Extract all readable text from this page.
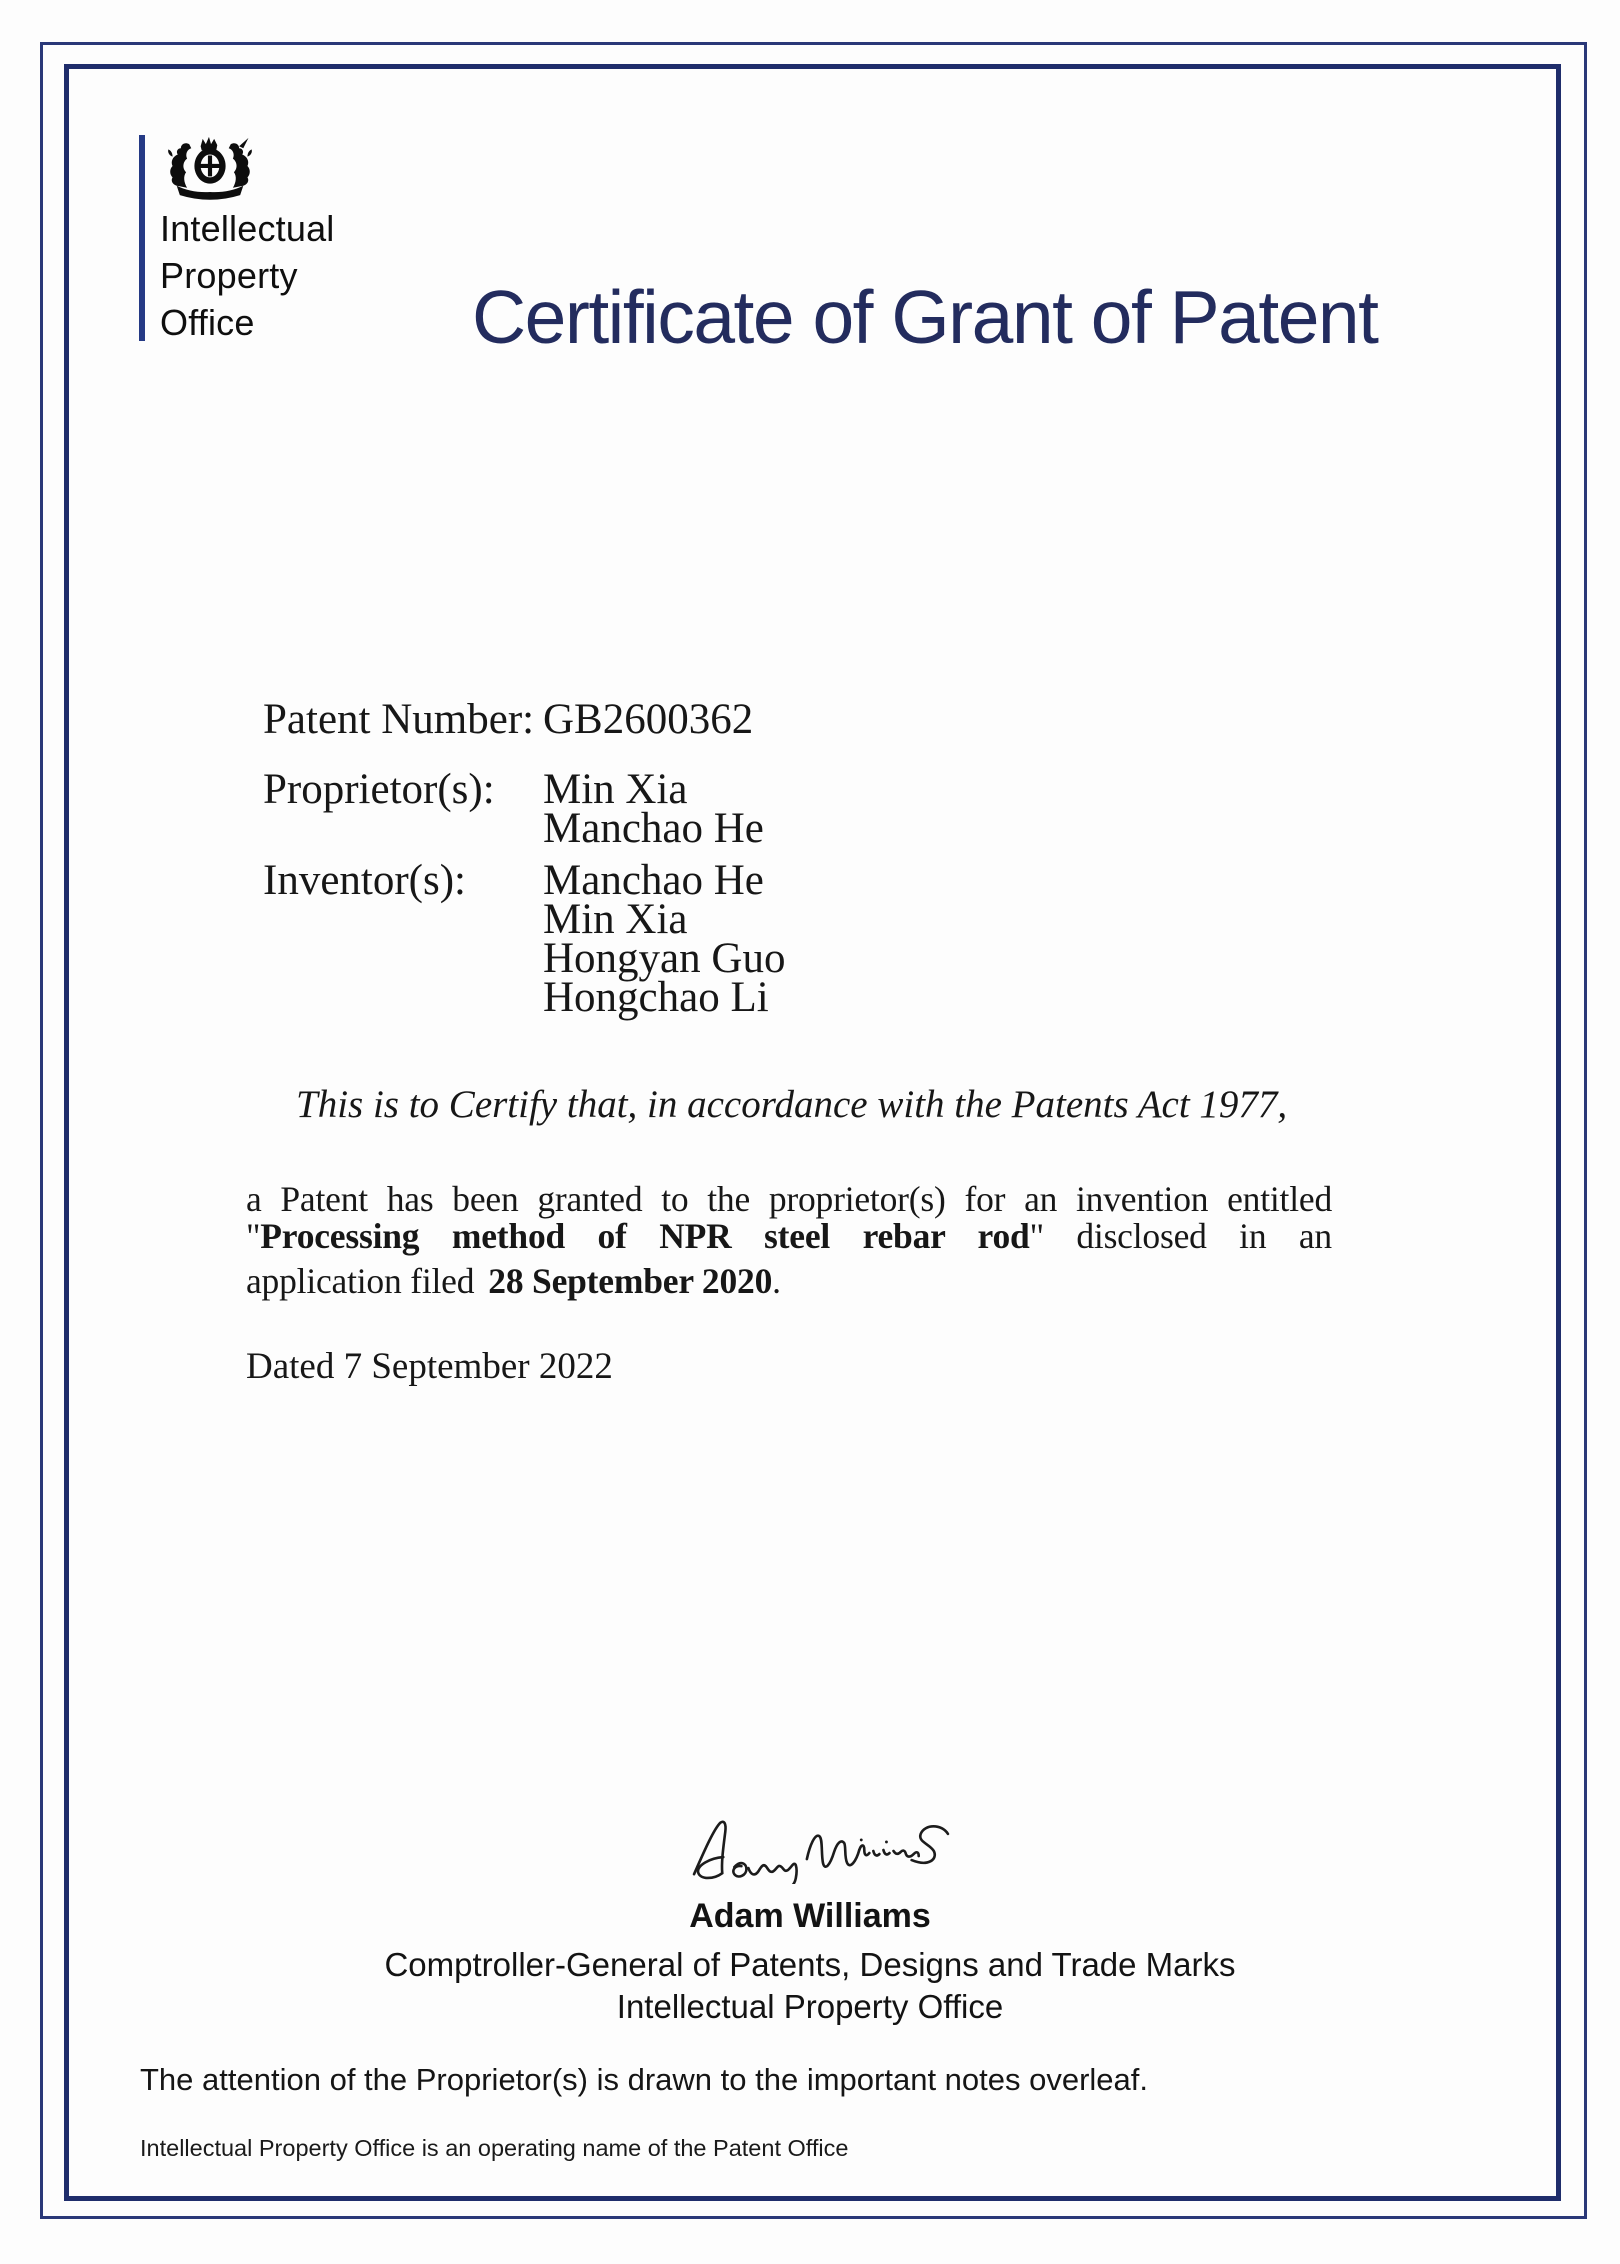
Intellectual
Property
Office	Certificate of Grant of Patent
Patent Number: GB2600362
Proprietor(s): Min Xia
Manchao He
Inventor(s): Manchao He
Min Xia
Hongyan Guo
Hongchao Li
This is to Certify that, in accordance with the Patents Act 1977,
a Patent has been granted to the proprietor(s) for an invention entitled
"Processing method of NPR steel rebar rod" disclosed in an
application filed 28 September 2020.
Dated 7 September 2022
Adam Williams
Comptroller-General of Patents, Designs and Trade Marks
Intellectual Property Office
The attention of the Proprietor(s) is drawn to the important notes overleaf.
Intellectual Property Office is an operating name of the Patent Office
